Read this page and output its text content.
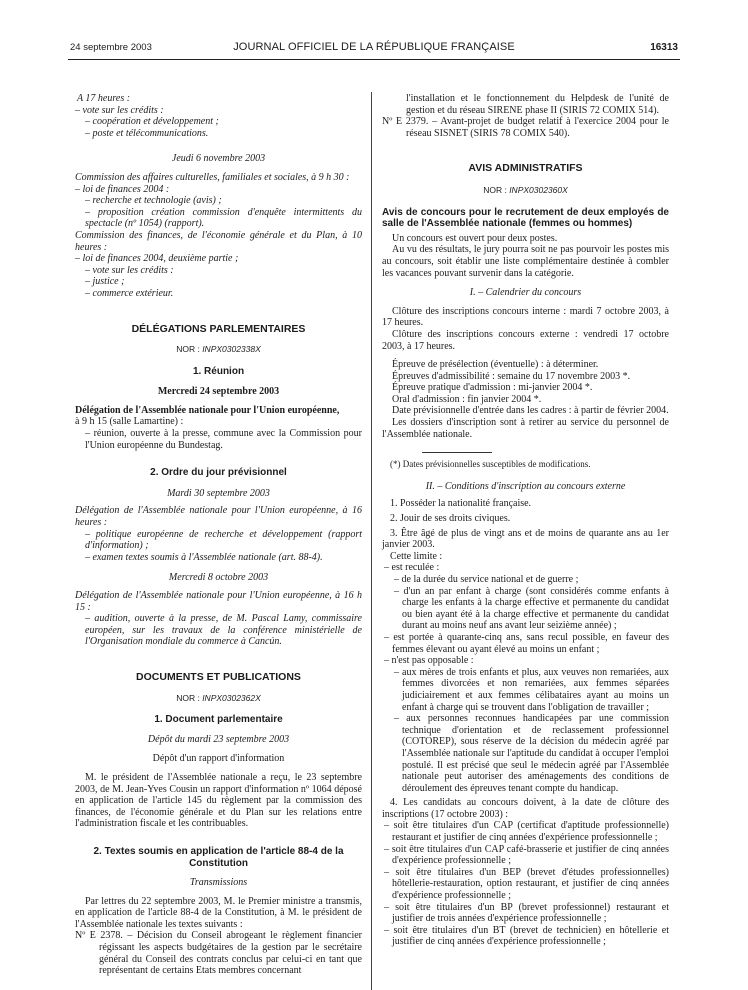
24 septembre 2003	JOURNAL OFFICIEL DE LA RÉPUBLIQUE FRANÇAISE	16313

A 17 heures :

– vote sur les crédits :

– coopération et développement ;

– poste et télécommunications.

Jeudi 6 novembre 2003

Commission des affaires culturelles, familiales et sociales, à 9 h 30 :

– loi de finances 2004 :

– recherche et technologie (avis) ;

– proposition création commission d'enquête intermittents du spectacle (nº 1054) (rapport).

Commission des finances, de l'économie générale et du Plan, à 10 heures :

– loi de finances 2004, deuxième partie ;

– vote sur les crédits :

– justice ;

– commerce extérieur.

DÉLÉGATIONS PARLEMENTAIRES

NOR : INPX0302338X

1. Réunion

Mercredi 24 septembre 2003

Délégation de l'Assemblée nationale pour l'Union européenne,

à 9 h 15 (salle Lamartine) :

– réunion, ouverte à la presse, commune avec la Commission pour l'Union européenne du Bundestag.

2. Ordre du jour prévisionnel

Mardi 30 septembre 2003

Délégation de l'Assemblée nationale pour l'Union européenne, à 16 heures :

– politique européenne de recherche et développement (rapport d'information) ;

– examen textes soumis à l'Assemblée nationale (art. 88-4).

Mercredi 8 octobre 2003

Délégation de l'Assemblée nationale pour l'Union européenne, à 16 h 15 :

– audition, ouverte à la presse, de M. Pascal Lamy, commissaire européen, sur les travaux de la conférence ministérielle de l'Organisation mondiale du commerce à Cancún.

DOCUMENTS ET PUBLICATIONS

NOR : INPX0302362X

1. Document parlementaire

Dépôt du mardi 23 septembre 2003

Dépôt d'un rapport d'information

M. le président de l'Assemblée nationale a reçu, le 23 septembre 2003, de M. Jean-Yves Cousin un rapport d'information nº 1064 déposé en application de l'article 145 du règlement par la commission des finances, de l'économie générale et du Plan sur les relations entre l'administration fiscale et les contribuables.

2. Textes soumis en application de l'article 88-4 de la Constitution

Transmissions

Par lettres du 22 septembre 2003, M. le Premier ministre a transmis, en application de l'article 88-4 de la Constitution, à M. le président de l'Assemblée nationale les textes suivants :

Nº E 2378. – Décision du Conseil abrogeant le règlement financier régissant les aspects budgétaires de la gestion par le secrétaire général du Conseil des contrats conclus par celui-ci en tant que représentant de certains Etats membres concernant

l'installation et le fonctionnement du Helpdesk de l'unité de gestion et du réseau SIRENE phase II (SIRIS 72 COMIX 514).

Nº E 2379. – Avant-projet de budget relatif à l'exercice 2004 pour le réseau SISNET (SIRIS 78 COMIX 540).

AVIS ADMINISTRATIFS

NOR : INPX0302360X

Avis de concours pour le recrutement de deux employés de salle de l'Assemblée nationale (femmes ou hommes)

Un concours est ouvert pour deux postes.

Au vu des résultats, le jury pourra soit ne pas pourvoir les postes mis au concours, soit établir une liste complémentaire destinée à combler les vacances pouvant survenir dans la catégorie.

I. – Calendrier du concours

Clôture des inscriptions concours interne : mardi 7 octobre 2003, à 17 heures.

Clôture des inscriptions concours externe : vendredi 17 octobre 2003, à 17 heures.

Épreuve de présélection (éventuelle) : à déterminer.

Épreuves d'admissibilité : semaine du 17 novembre 2003 *.

Épreuve pratique d'admission : mi-janvier 2004 *.

Oral d'admission : fin janvier 2004 *.

Date prévisionnelle d'entrée dans les cadres : à partir de février 2004.

Les dossiers d'inscription sont à retirer au service du personnel de l'Assemblée nationale.

(*) Dates prévisionnelles susceptibles de modifications.

II. – Conditions d'inscription au concours externe

1. Posséder la nationalité française.

2. Jouir de ses droits civiques.

3. Être âgé de plus de vingt ans et de moins de quarante ans au 1er janvier 2003.

Cette limite :

– est reculée :

– de la durée du service national et de guerre ;

– d'un an par enfant à charge (sont considérés comme enfants à charge les enfants à la charge effective et permanente du candidat ou bien ayant été à la charge effective et permanente du candidat durant au moins neuf ans avant leur seizième année) ;

– est portée à quarante-cinq ans, sans recul possible, en faveur des femmes élevant ou ayant élevé au moins un enfant ;

– n'est pas opposable :

– aux mères de trois enfants et plus, aux veuves non remariées, aux femmes divorcées et non remariées, aux femmes séparées judiciairement et aux femmes célibataires ayant au moins un enfant à charge qui se trouvent dans l'obligation de travailler ;

– aux personnes reconnues handicapées par une commission technique d'orientation et de reclassement professionnel (COTOREP), sous réserve de la décision du médecin agréé par l'Assemblée nationale sur l'aptitude du candidat à occuper l'emploi postulé. Il est précisé que seul le médecin agréé par l'Assemblée nationale peut autoriser des aménagements des conditions de déroulement des épreuves tenant compte du handicap.

4. Les candidats au concours doivent, à la date de clôture des inscriptions (17 octobre 2003) :

– soit être titulaires d'un CAP (certificat d'aptitude professionnelle) restaurant et justifier de cinq années d'expérience professionnelle ;

– soit être titulaires d'un CAP café-brasserie et justifier de cinq années d'expérience professionnelle ;

– soit être titulaires d'un BEP (brevet d'études professionnelles) hôtellerie-restauration, option restaurant, et justifier de cinq années d'expérience professionnelle ;

– soit être titulaires d'un BP (brevet professionnel) restaurant et justifier de trois années d'expérience professionnelle ;

– soit être titulaires d'un BT (brevet de technicien) en hôtellerie et justifier de cinq années d'expérience professionnelle ;
